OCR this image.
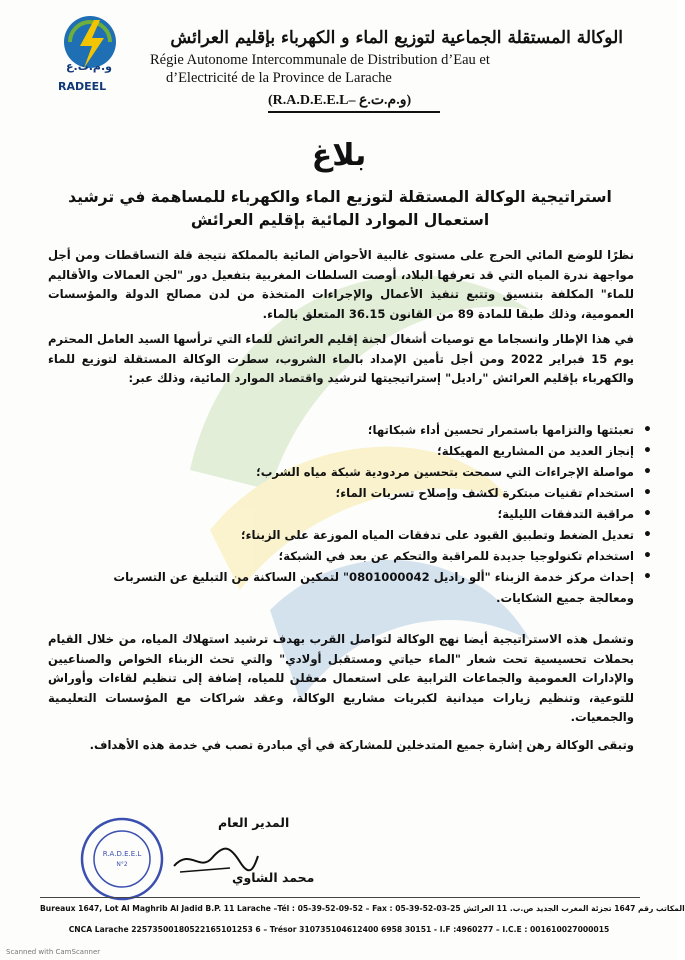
و.م.ت.ع
RADEEL
الوكالة المستقلة الجماعية لتوزيع الماء و الكهرباء بإقليم العرائش
Régie Autonome Intercommunale de Distribution d’Eau et
d’Electricité de la Province de Larache
(R.A.D.E.E.L– و.م.ت.ع)
بلاغ
استراتيجية الوكالة المستقلة لتوزيع الماء والكهرباء للمساهمة في ترشيد استعمال الموارد المائية بإقليم العرائش
نظرًا للوضع المائي الحرج على مستوى غالبية الأحواض المائية بالمملكة نتيجة قلة التساقطات ومن أجل مواجهة ندرة المياه التي قد تعرفها البلاد، أوصت السلطات المغربية بتفعيل دور "لجن العمالات والأقاليم للماء" المكلفة بتنسيق وتتبع تنفيذ الأعمال والإجراءات المتخذة من لدن مصالح الدولة والمؤسسات العمومية، وذلك طبقا للمادة 89 من القانون 36.15 المتعلق بالماء.
في هذا الإطار وانسجاما مع توصيات أشغال لجنة إقليم العرائش للماء التي ترأسها السيد العامل المحترم يوم 15 فبراير 2022 ومن أجل تأمين الإمداد بالماء الشروب، سطرت الوكالة المستقلة لتوزيع للماء والكهرباء بإقليم العرائش "راديل" إستراتيجيتها لترشيد واقتصاد الموارد المائية، وذلك عبر:
• تعبئتها والتزامها باستمرار تحسين أداء شبكاتها؛
• إنجاز العديد من المشاريع المهيكلة؛
• مواصلة الإجراءات التي سمحت بتحسين مردودية شبكة مياه الشرب؛
• استخدام تقنيات مبتكرة لكشف وإصلاح تسربات الماء؛
• مراقبة التدفقات الليلية؛
• تعديل الضغط وتطبيق القيود على تدفقات المياه الموزعة على الزبناء؛
• استخدام تكنولوجيا جديدة للمراقبة والتحكم عن بعد في الشبكة؛
• إحداث مركز خدمة الزبناء "ألو راديل 0801000042" لتمكين الساكنة من التبليغ عن التسربات ومعالجة جميع الشكايات.
وتشمل هذه الاستراتيجية أيضا نهج الوكالة لتواصل القرب بهدف ترشيد استهلاك المياه، من خلال القيام بحملات تحسيسية تحت شعار "الماء حياتي ومستقبل أولادي" والتي تحث الزبناء الخواص والصناعيين والإدارات العمومية والجماعات الترابية على استعمال معقلن للمياه، إضافة إلى تنظيم لقاءات وأوراش للتوعية، وتنظيم زيارات ميدانية لكبريات مشاريع الوكالة، وعقد شراكات مع المؤسسات التعليمية والجمعيات.
وتبقى الوكالة رهن إشارة جميع المتدخلين للمشاركة في أي مبادرة تصب في خدمة هذه الأهداف.
R.A.D.E.E.L
N°2
المدير العام
محمد الشاوي
Bureaux 1647, Lot Al Maghrib Al Jadid B.P. 11 Larache –Tél : 05-39-52-09-52 – Fax : 05-39-52-03-25 المكاتب رقم 1647 تجزئة المغرب الجديد ص.ب. 11 العرائش
CNCA Larache 22573500180522165101253 6 – Trésor 310735104612400 6958 30151 - I.F :4960277 – I.C.E : 001610027000015
Scanned with CamScanner
